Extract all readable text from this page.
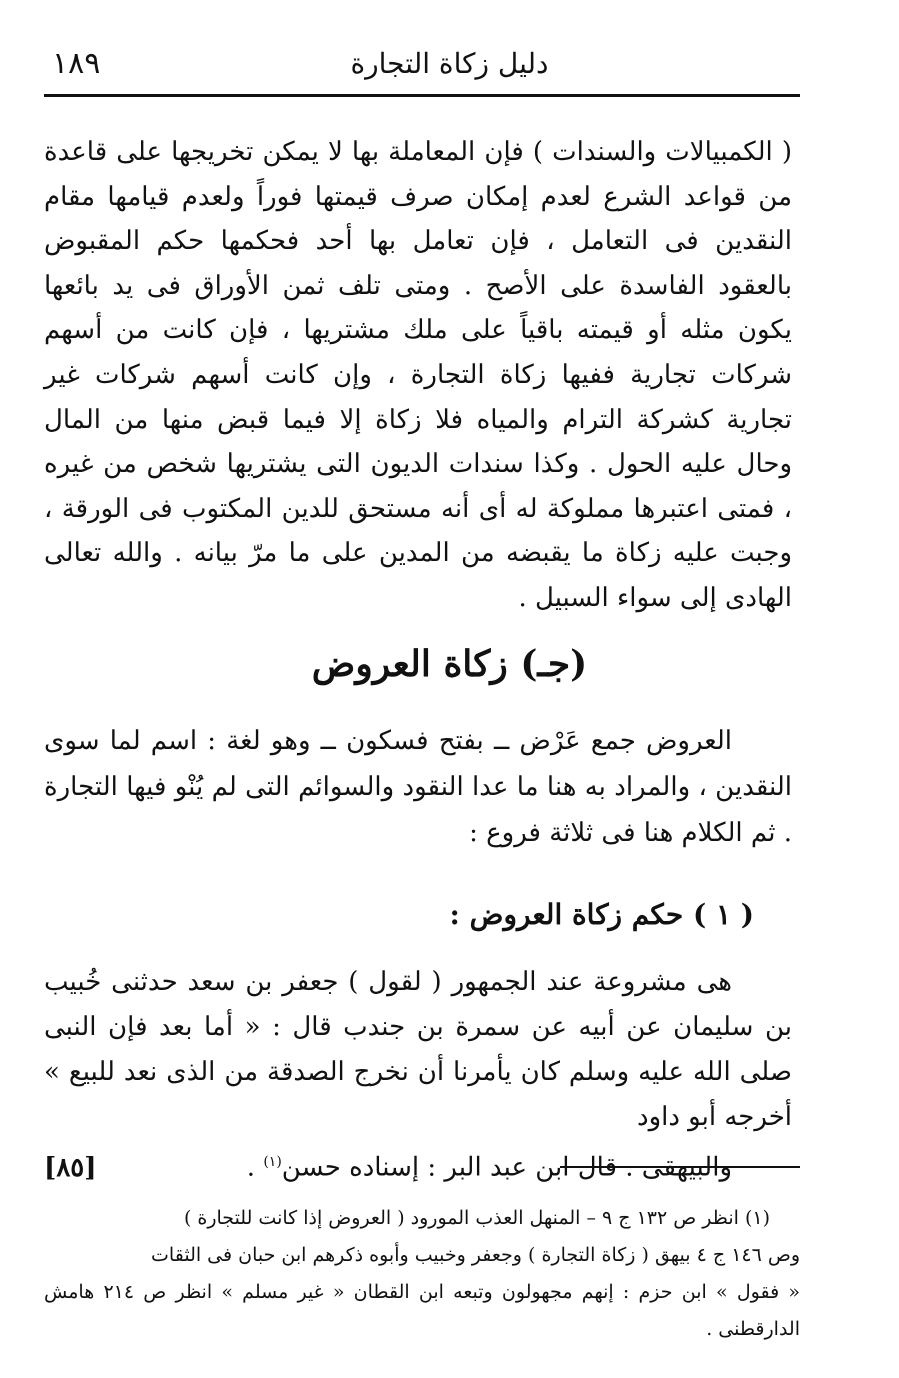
دليل زكاة التجارة
١٨٩

( الكمبيالات والسندات ) فإن المعاملة بها لا يمكن تخريجها على قاعدة من قواعد الشرع لعدم إمكان صرف قيمتها فوراً ولعدم قيامها مقام النقدين فى التعامل ، فإن تعامل بها أحد فحكمها حكم المقبوض بالعقود الفاسدة على الأصح . ومتى تلف ثمن الأوراق فى يد بائعها يكون مثله أو قيمته باقياً على ملك مشتريها ، فإن كانت من أسهم شركات تجارية ففيها زكاة التجارة ، وإن كانت أسهم شركات غير تجارية كشركة الترام والمياه فلا زكاة إلا فيما قبض منها من المال وحال عليه الحول . وكذا سندات الديون التى يشتريها شخص من غيره ، فمتى اعتبرها مملوكة له أى أنه مستحق للدين المكتوب فى الورقة ، وجبت عليه زكاة ما يقبضه من المدين على ما مرّ بيانه . والله تعالى الهادى إلى سواء السبيل .

(جـ) زكاة العروض

العروض جمع عَرْض ــ بفتح فسكون ــ وهو لغة : اسم لما سوى النقدين ، والمراد به هنا ما عدا النقود والسوائم التى لم يُنْو فيها التجارة . ثم الكلام هنا فى ثلاثة فروع :

( ١ ) حكم زكاة العروض :
هى مشروعة عند الجمهور ( لقول ) جعفر بن سعد حدثنى خُبيب بن سليمان عن أبيه عن سمرة بن جندب قال : « أما بعد فإن النبى صلى الله عليه وسلم كان يأمرنا أن نخرج الصدقة من الذى نعد للبيع » أخرجه أبو داود
والبيهقى . قال ابن عبد البر : إسناده حسن$^{(١)}$ .
[٨٥]
(١) انظر ص ١٣٢ ج ٩ – المنهل العذب المورود ( العروض إذا كانت للتجارة )
وص ١٤٦ ج ٤ بيهق ( زكاة التجارة ) وجعفر وخبيب وأبوه ذكرهم ابن حبان فى الثقات
« فقول » ابن حزم : إنهم مجهولون وتبعه ابن القطان « غير مسلم » انظر ص ٢١٤ هامش الدارقطنى .
